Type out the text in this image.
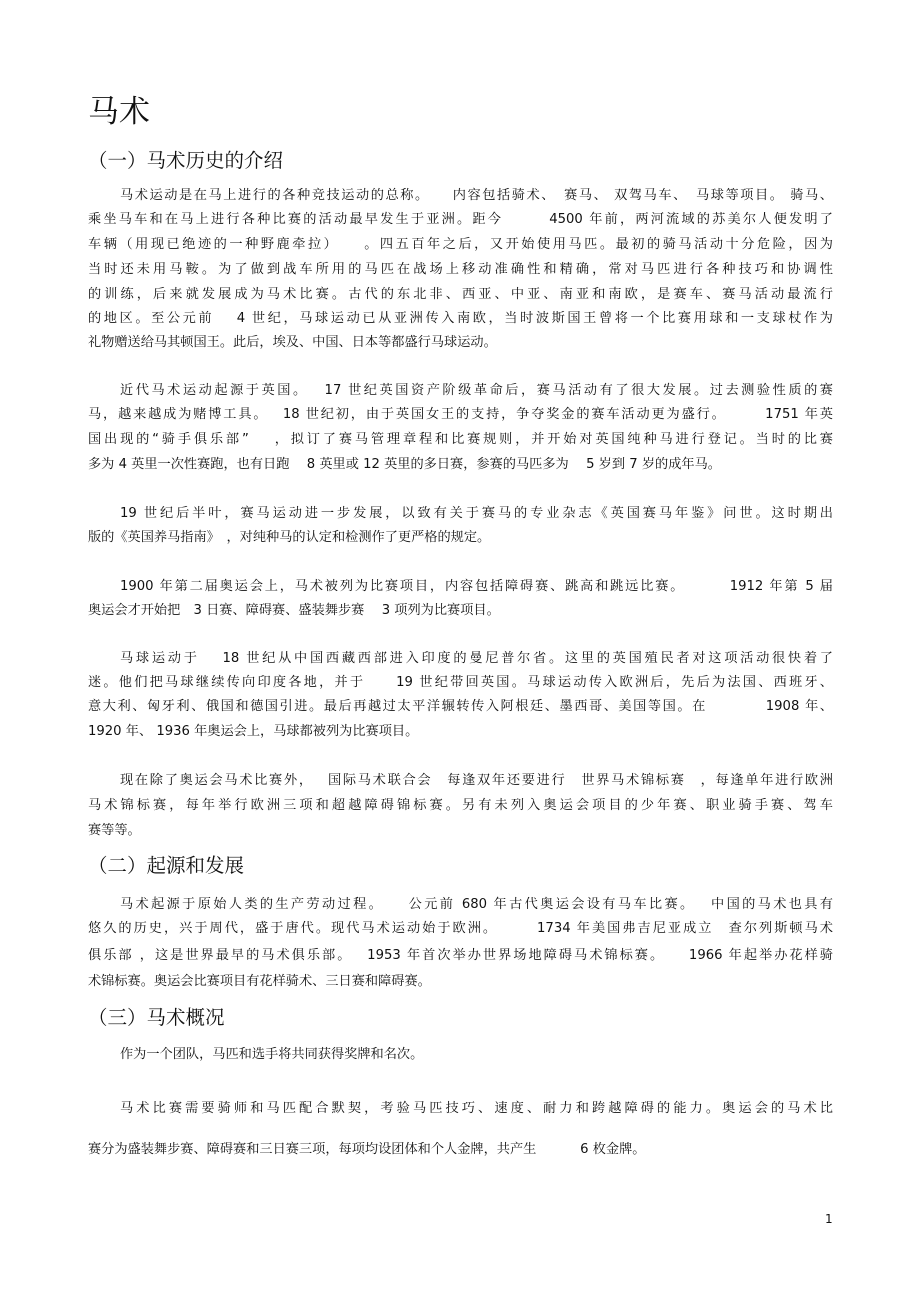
马术
（一）马术历史的介绍
马术运动是在马上进行的各种竞技运动的总称。　　内容包括骑术、　赛马、 双驾马车、　马球等项目。 骑马、
乘坐马车和在马上进行各种比赛的活动最早发生于亚洲。距今　　　4500 年前，两河流域的苏美尔人便发明了
车辆（用现已绝迹的一种野鹿牵拉）　　。四五百年之后，又开始使用马匹。最初的骑马活动十分危险，因为
当时还未用马鞍。为了做到战车所用的马匹在战场上移动准确性和精确，常对马匹进行各种技巧和协调性
的训练，后来就发展成为马术比赛。古代的东北非、西亚、中亚、南亚和南欧，是赛车、赛马活动最流行
的地区。至公元前　 4 世纪，马球运动已从亚洲传入南欧，当时波斯国王曾将一个比赛用球和一支球杖作为
礼物赠送给马其顿国王。此后，埃及、中国、日本等都盛行马球运动。
近代马术运动起源于英国。　 17 世纪英国资产阶级革命后，赛马活动有了很大发展。过去测验性质的赛
马，越来越成为赌博工具。　 18 世纪初，由于英国女王的支持，争夺奖金的赛车活动更为盛行。　　　1751 年英
国出现的“骑手俱乐部”　 ，拟订了赛马管理章程和比赛规则，并开始对英国纯种马进行登记。当时的比赛
多为 4 英里一次性赛跑，也有日跑　 8 英里或 12 英里的多日赛，参赛的马匹多为　 5 岁到 7 岁的成年马。
19 世纪后半叶，赛马运动进一步发展，以致有关于赛马的专业杂志《英国赛马年鉴》问世。这时期出
版的《英国养马指南》　，对纯种马的认定和检测作了更严格的规定。
1900 年第二届奥运会上，马术被列为比赛项目，内容包括障碍赛、跳高和跳远比赛。　　　 1912 年第 5 届
奥运会才开始把　3 日赛、障碍赛、盛装舞步赛　 3 项列为比赛项目。
马球运动于　 18 世纪从中国西藏西部进入印度的曼尼普尔省。这里的英国殖民者对这项活动很快着了
迷。他们把马球继续传向印度各地，并于　　19 世纪带回英国。马球运动传入欧洲后，先后为法国、西班牙、
意大利、匈牙利、俄国和德国引进。最后再越过太平洋辗转传入阿根廷、墨西哥、美国等国。在　　　　1908 年、
1920 年、 1936 年奥运会上，马球都被列为比赛项目。
现在除了奥运会马术比赛外，　 国际马术联合会　每逢双年还要进行　世界马术锦标赛　，每逢单年进行欧洲
马术锦标赛，每年举行欧洲三项和超越障碍锦标赛。另有未列入奥运会项目的少年赛、职业骑手赛、驾车
赛等等。
（二）起源和发展
马术起源于原始人类的生产劳动过程。　　公元前 680 年古代奥运会设有马车比赛。　 中国的马术也具有
悠久的历史，兴于周代，盛于唐代。现代马术运动始于欧洲。　　　1734 年美国弗吉尼亚成立　查尔列斯顿马术
俱乐部 ，这是世界最早的马术俱乐部。　 1953 年首次举办世界场地障碍马术锦标赛。　　1966 年起举办花样骑
术锦标赛。奥运会比赛项目有花样骑术、三日赛和障碍赛。
（三）马术概况
作为一个团队，马匹和选手将共同获得奖牌和名次。
马术比赛需要骑师和马匹配合默契，考验马匹技巧、速度、耐力和跨越障碍的能力。奥运会的马术比
赛分为盛装舞步赛、障碍赛和三日赛三项，每项均设团体和个人金牌，共产生　　　 6 枚金牌。
1
